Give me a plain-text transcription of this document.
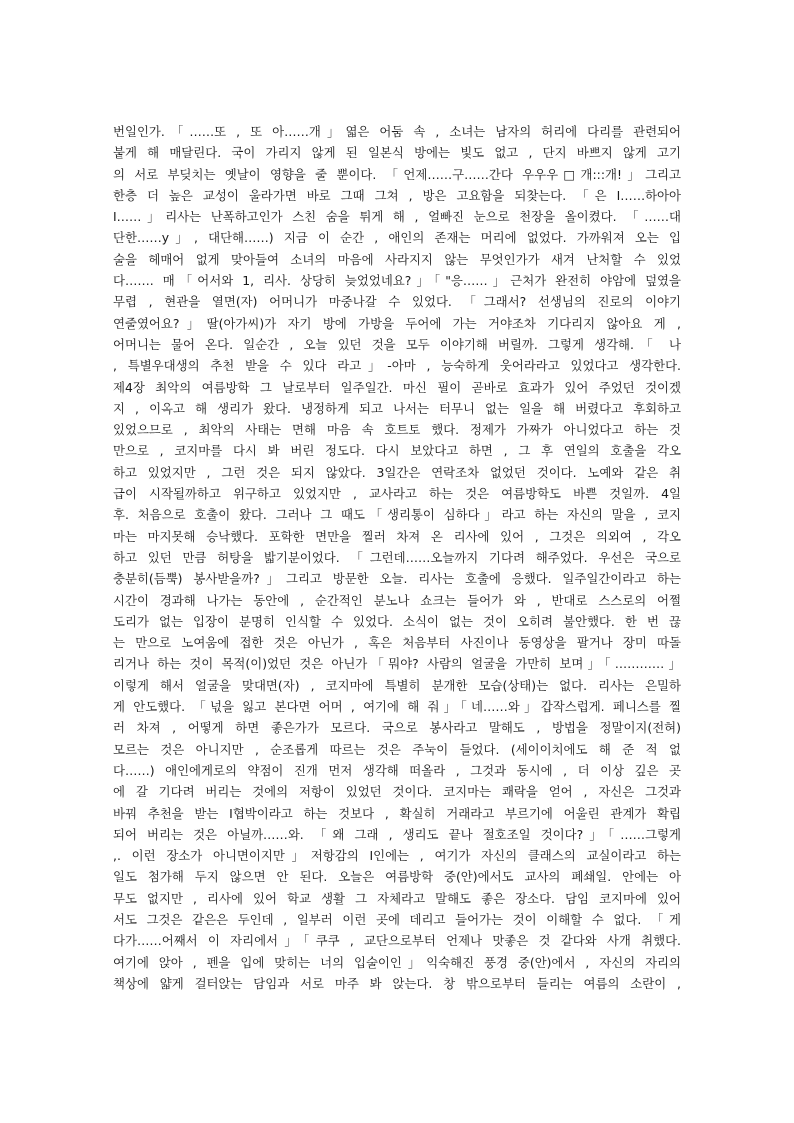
번일인가.「……또 , 또 아……개」엷은 어둠 속 , 소녀는 남자의 허리에 다리를 관련되어
붙게 해 매달린다. 국이 가리지 않게 된 일본식 방에는 빛도 없고 , 단지 바쁘지 않게 고기
의 서로 부딪치는 옛날이 영향을 줄 뿐이다. 「언제……구……간다 우우우□개:::개!」그리고
한층 더 높은 교성이 울라가면 바로 그때 그쳐 , 방은 고요함을 되찾는다. 「은 I……하아아
I……」리사는 난폭하고인가 스친 숨을 튀게 해 , 얼빠진 눈으로 천장을 올이켰다. 「……대
단한……y」, 대단해……) 지금 이 순간 , 애인의 존재는 머리에 없었다. 가까워져 오는 입
술을 헤매어 없게 맞아들여 소녀의 마음에 사라지지 않는 무엇인가가 새겨 난처할 수 있었
다……. 매「어서와 1, 리사. 상당히 늦었었네요?」「"응……」근처가 완전히 야암에 덮였을
무렵 , 현관을 열면(자) 어머니가 마중나갈 수 있었다. 「그래서? 선생님의 진로의 이야기
연줄였어요?」딸(아가씨)가 자기 방에 가방을 두어에 가는 거야조차 기다리지 않아요 게 ,
어머니는 물어 온다. 일순간 , 오늘 있던 것을 모두 이야기해 버릴까. 그렇게 생각해.「 나
, 특별우대생의 추천 받을 수 있다 라고」-아마 , 능숙하게 웃어라라고 있었다고 생각한다.
제4장 최악의 여름방학 그 날로부터 일주일간. 마신 필이 곧바로 효과가 있어 주었던 것이겠
지 , 이옥고 해 생리가 왔다. 냉정하게 되고 나서는 터무니 없는 일을 해 버렸다고 후회하고
있었으므로 , 최악의 사태는 면해 마음 속 호트토 했다. 정제가 가짜가 아니었다고 하는 것
만으로 , 코지마를 다시 봐 버린 정도다. 다시 보았다고 하면 , 그 후 연일의 호출을 각오
하고 있었지만 , 그런 것은 되지 않았다. 3일간은 연락조차 없었던 것이다. 노예와 같은 취
급이 시작될까하고 위구하고 있었지만 , 교사라고 하는 것은 여름방학도 바쁜 것일까. 4일
후. 처음으로 호출이 왔다. 그러나 그 때도「생리통이 심하다」라고 하는 자신의 말을 , 코지
마는 마지못해 승낙했다. 포학한 면만을 찔러 차져 온 리사에 있어 , 그것은 의외여 , 각오
하고 있던 만큼 허탕을 밟기분이었다. 「그런데……오늘까지 기다려 해주었다. 우선은 국으로
충분히(듬뿍) 봉사받을까?」그리고 방문한 오늘. 리사는 호출에 응했다. 일주일간이라고 하는
시간이 경과해 나가는 동안에 , 순간적인 분노나 쇼크는 들어가 와 , 반대로 스스로의 어쩔
도리가 없는 입장이 분명히 인식할 수 있었다. 소식이 없는 것이 오히려 불안했다. 한 번 끊
는 만으로 노여움에 접한 것은 아닌가 , 혹은 처음부터 사진이나 동영상을 팔거나 장미 따돌
리거나 하는 것이 목적(이)었던 것은 아닌가「뭐야? 사람의 얼굴을 가만히 보며」「…………」
이렇게 해서 얼굴을 맞대면(자) , 코지마에 특별히 분개한 모습(상태)는 없다. 리사는 은밀하
게 안도했다. 「넋을 잃고 본다면 어머 , 여기에 해 줘」「네……와」갑작스럽게. 페니스를 찔
러 차져 , 어떻게 하면 좋은가가 모르다. 국으로 봉사라고 말해도 , 방법을 정말이지(전혀)
모르는 것은 아니지만 , 순조롭게 따르는 것은 주눅이 들었다. (세이이치에도 해 준 적 없
다……) 애인에게로의 약점이 진개 먼저 생각해 떠올라 , 그것과 동시에 , 더 이상 깊은 곳
에 갈 기다려 버리는 것에의 저항이 있었던 것이다. 코지마는 쾌락을 얻어 , 자신은 그것과
바꿔 추천을 받는 I협박이라고 하는 것보다 , 확실히 거래라고 부르기에 어울린 관계가 확립
되어 버리는 것은 아닐까……와. 「왜 그래 , 생리도 끝나 절호조일 것이다?」「……그렇게
,. 이런 장소가 아니면이지만」저항감의 I인에는 , 여기가 자신의 클래스의 교실이라고 하는
일도 첨가해 두지 않으면 안 된다. 오늘은 여름방학 중(안)에서도 교사의 폐쇄일. 안에는 아
무도 없지만 , 리사에 있어 학교 생활 그 자체라고 말해도 좋은 장소다. 담임 코지마에 있어
서도 그것은 같은은 두인데 , 일부러 이런 곳에 데리고 들어가는 것이 이해할 수 없다. 「게
다가……어째서 이 자리에서」「쿠쿠 , 교단으로부터 언제나 맛좋은 것 같다와 사개 취했다.
여기에 앉아 , 펜을 입에 맞히는 너의 입술이인」익숙해진 풍경 중(안)에서 , 자신의 자리의
책상에 얇게 걸터앉는 담임과 서로 마주 봐 앉는다. 창 밖으로부터 들리는 여름의 소란이 ,
